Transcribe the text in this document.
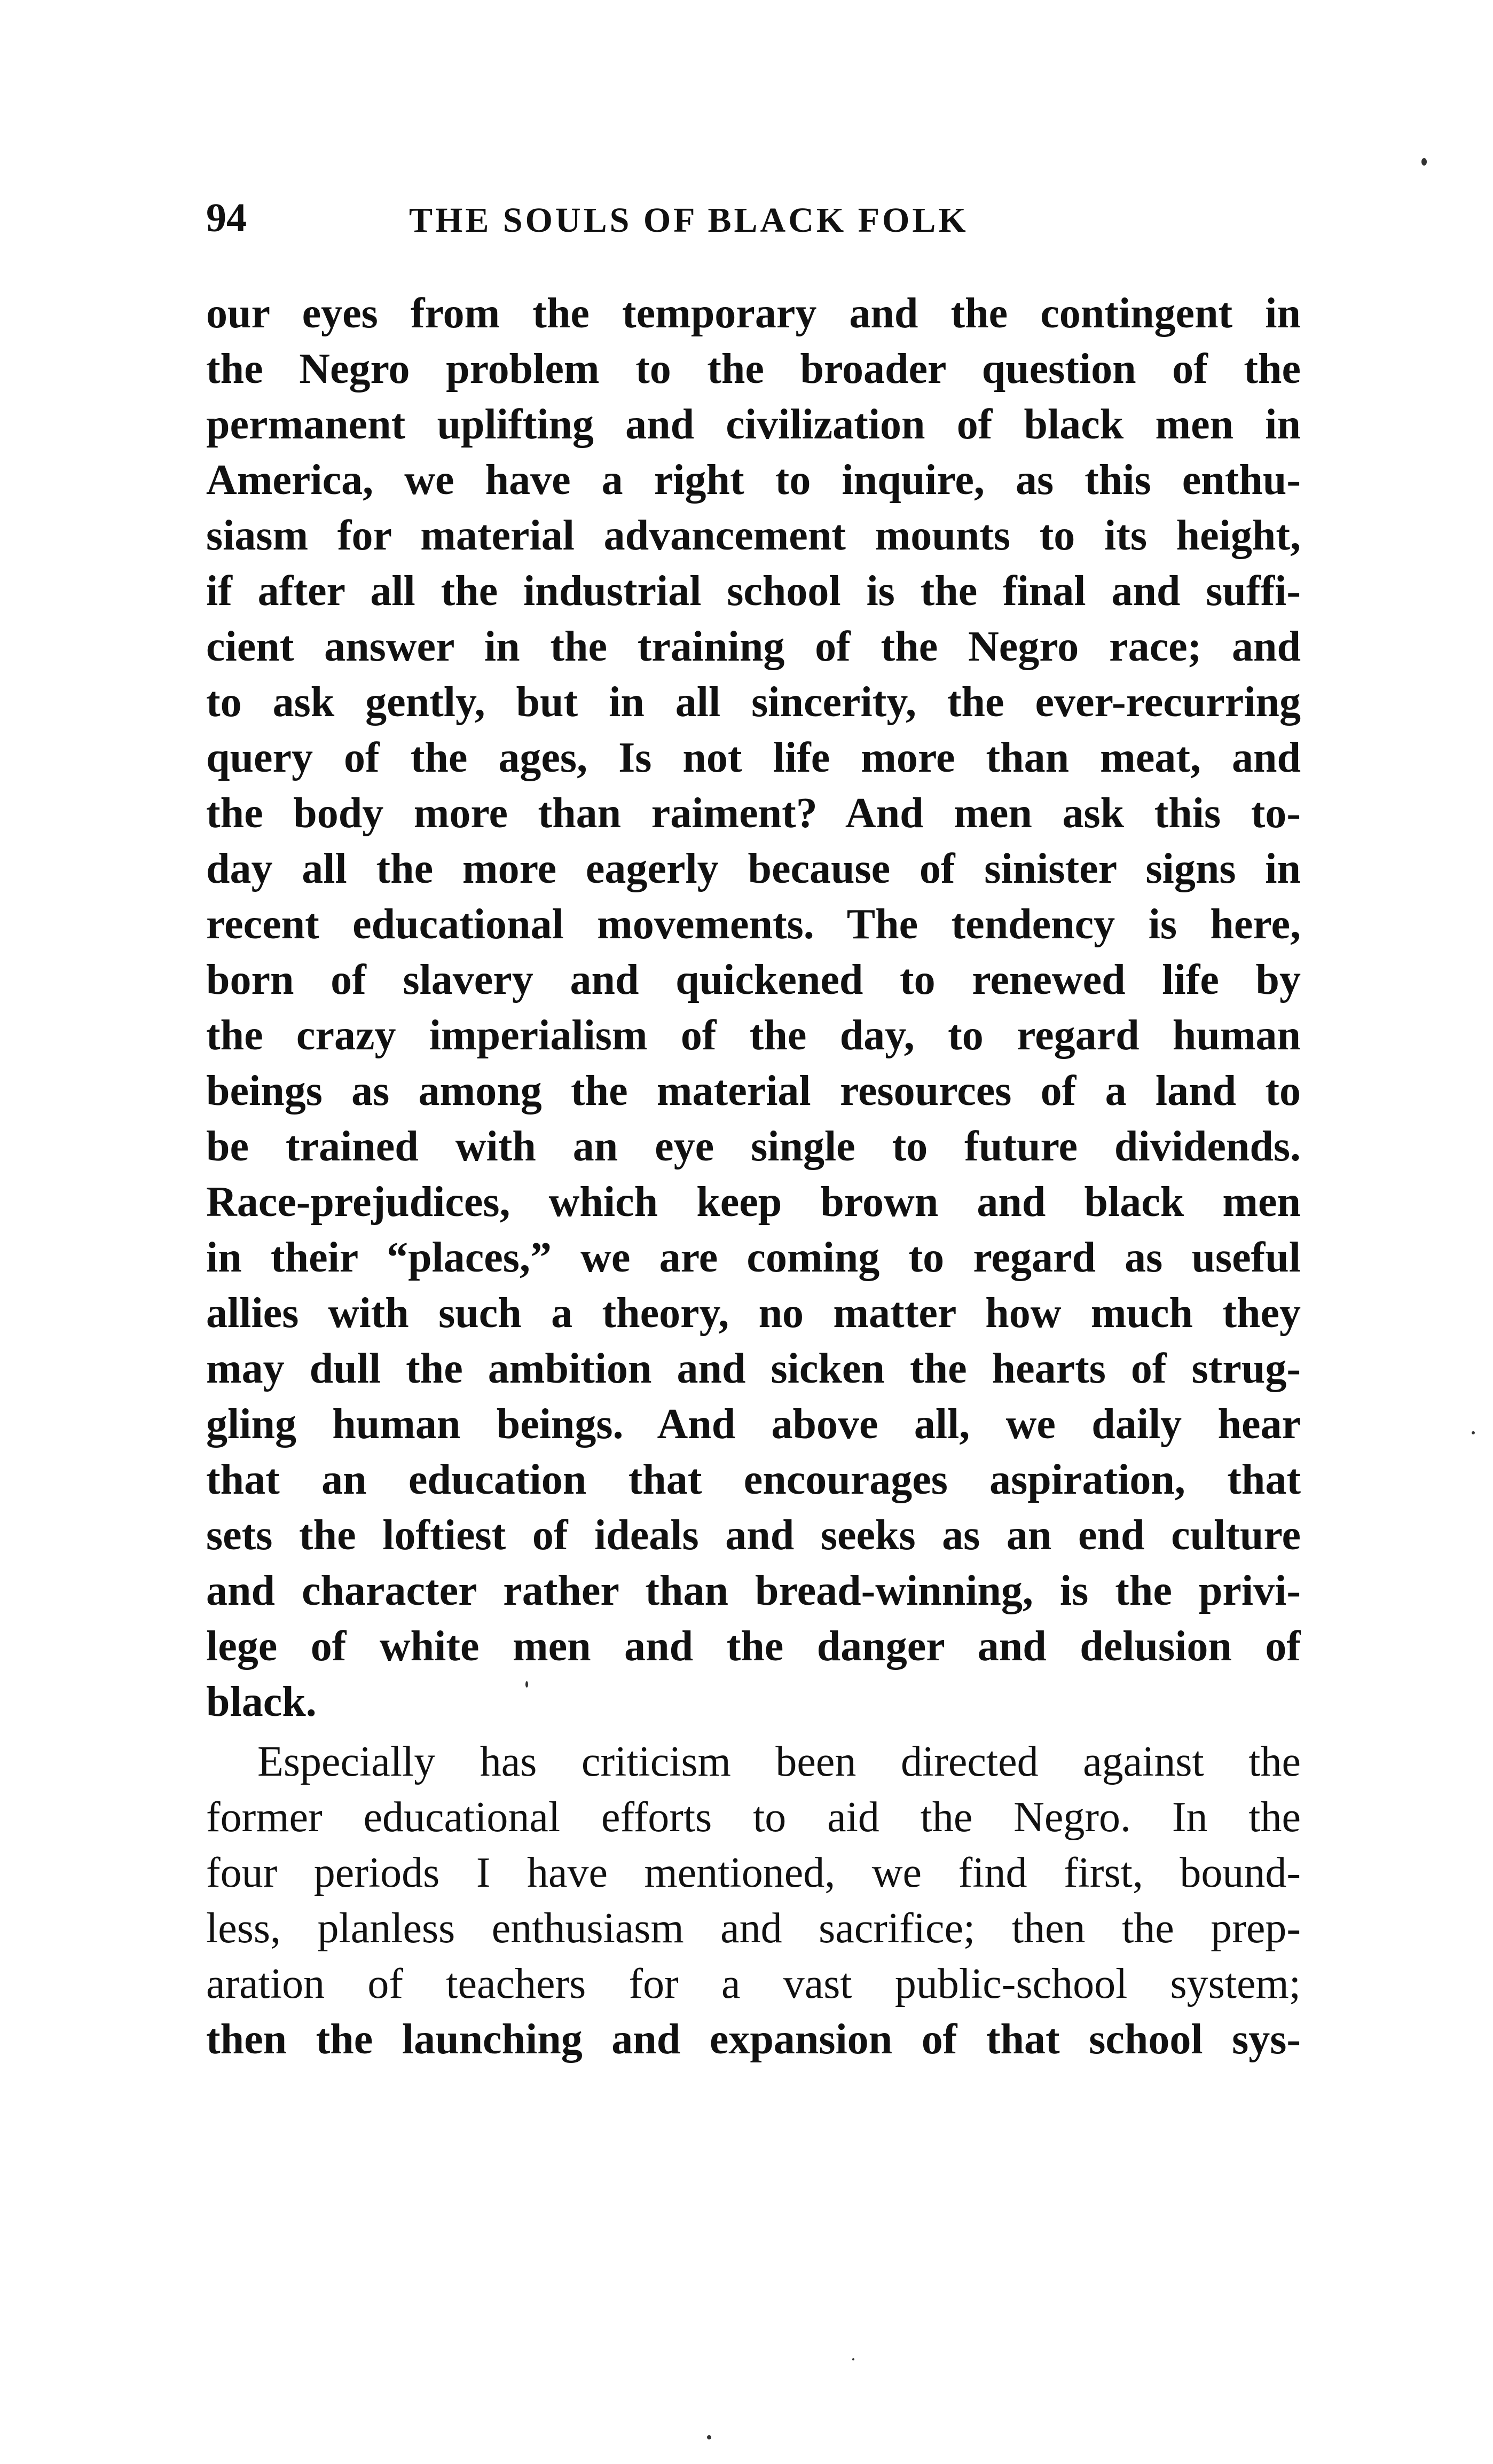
94	THE SOULS OF BLACK FOLK
our eyes from the temporary and the contingent in
the Negro problem to the broader question of the
permanent uplifting and civilization of black men in
America, we have a right to inquire, as this enthu-
siasm for material advancement mounts to its height,
if after all the industrial school is the final and suffi-
cient answer in the training of the Negro race; and
to ask gently, but in all sincerity, the ever-recurring
query of the ages, Is not life more than meat, and
the body more than raiment? And men ask this to-
day all the more eagerly because of sinister signs in
recent educational movements. The tendency is here,
born of slavery and quickened to renewed life by
the crazy imperialism of the day, to regard human
beings as among the material resources of a land to
be trained with an eye single to future dividends.
Race-prejudices, which keep brown and black men
in their “places,” we are coming to regard as useful
allies with such a theory, no matter how much they
may dull the ambition and sicken the hearts of strug-
gling human beings. And above all, we daily hear
that an education that encourages aspiration, that
sets the loftiest of ideals and seeks as an end culture
and character rather than bread-winning, is the privi-
lege of white men and the danger and delusion of
black.
Especially has criticism been directed against the
former educational efforts to aid the Negro. In the
four periods I have mentioned, we find first, bound-
less, planless enthusiasm and sacrifice; then the prep-
aration of teachers for a vast public-school system;
then the launching and expansion of that school sys-
